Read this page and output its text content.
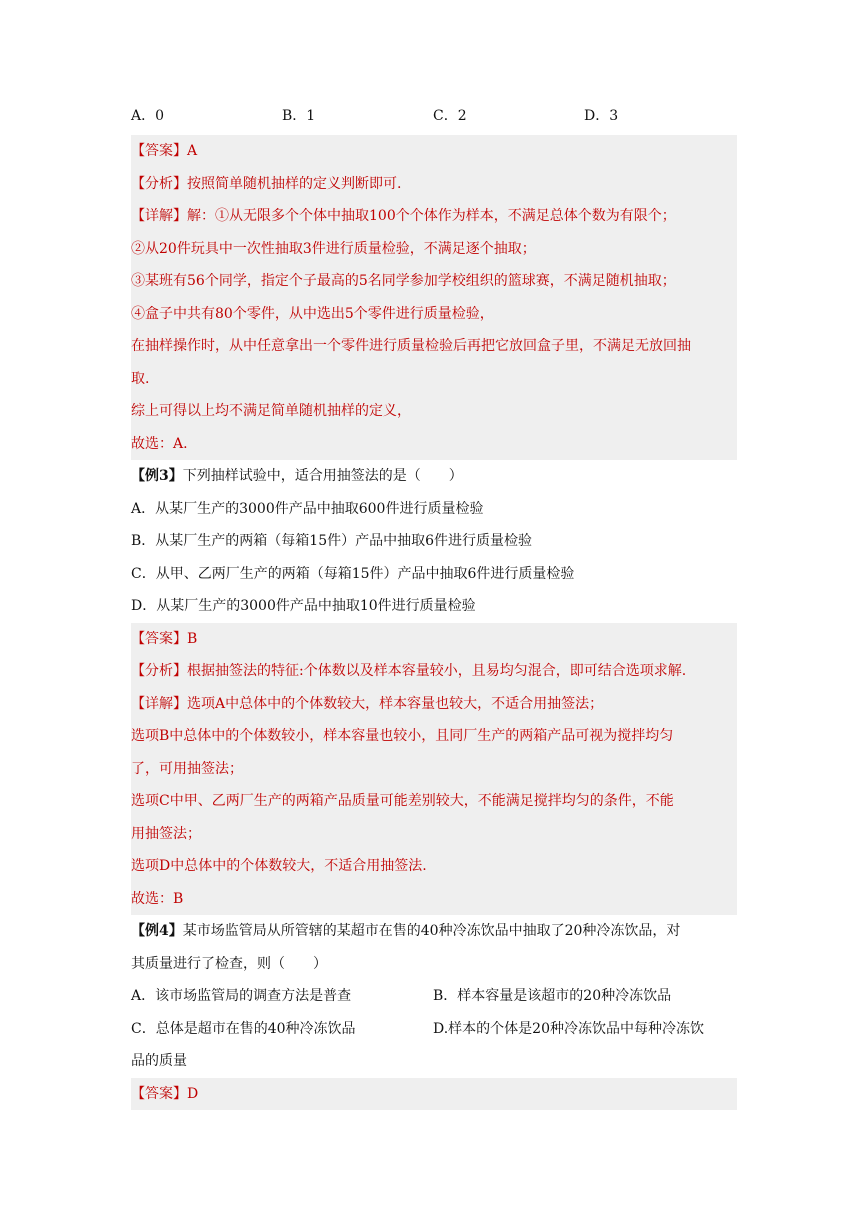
A．0	B．1	C．2	D．3
【答案】A
【分析】按照简单随机抽样的定义判断即可.
【详解】解：①从无限多个个体中抽取100个个体作为样本，不满足总体个数为有限个；
②从20件玩具中一次性抽取3件进行质量检验，不满足逐个抽取；
③某班有56个同学，指定个子最高的5名同学参加学校组织的篮球赛，不满足随机抽取；
④盒子中共有80个零件，从中选出5个零件进行质量检验，
在抽样操作时，从中任意拿出一个零件进行质量检验后再把它放回盒子里，不满足无放回抽
取.
综上可得以上均不满足简单随机抽样的定义，
故选：A.
【例3】下列抽样试验中，适合用抽签法的是（　　）
A．从某厂生产的3000件产品中抽取600件进行质量检验
B．从某厂生产的两箱（每箱15件）产品中抽取6件进行质量检验
C．从甲、乙两厂生产的两箱（每箱15件）产品中抽取6件进行质量检验
D．从某厂生产的3000件产品中抽取10件进行质量检验
【答案】B
【分析】根据抽签法的特征:个体数以及样本容量较小，且易均匀混合，即可结合选项求解.
【详解】选项A中总体中的个体数较大，样本容量也较大，不适合用抽签法；
选项B中总体中的个体数较小，样本容量也较小，且同厂生产的两箱产品可视为搅拌均匀
了，可用抽签法；
选项C中甲、乙两厂生产的两箱产品质量可能差别较大，不能满足搅拌均匀的条件，不能
用抽签法；
选项D中总体中的个体数较大，不适合用抽签法.
故选：B
【例4】某市场监管局从所管辖的某超市在售的40种冷冻饮品中抽取了20种冷冻饮品，对
其质量进行了检查，则（　　）
A．该市场监管局的调查方法是普查	B．样本容量是该超市的20种冷冻饮品
C．总体是超市在售的40种冷冻饮品	D.样本的个体是20种冷冻饮品中每种冷冻饮
品的质量
【答案】D
